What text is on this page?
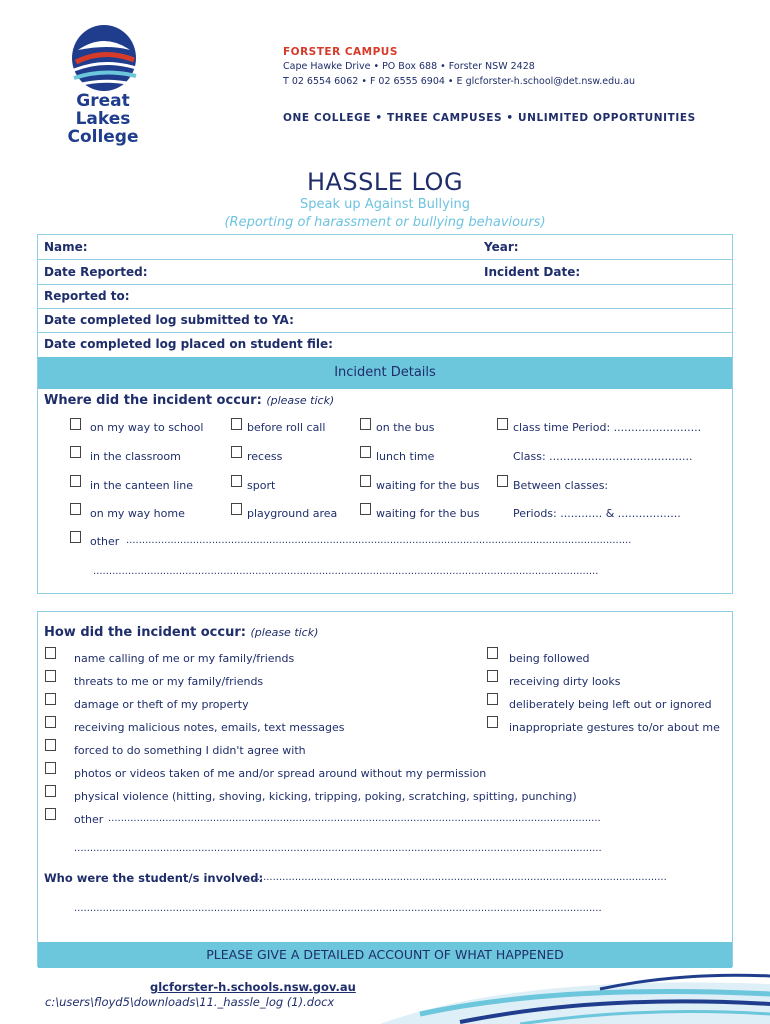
Great Lakes
College
FORSTER CAMPUS
Cape Hawke Drive • PO Box 688 • Forster NSW 2428
T 02 6554 6062 • F 02 6555 6904 • E glcforster-h.school@det.nsw.edu.au
ONE COLLEGE • THREE CAMPUSES • UNLIMITED OPPORTUNITIES
HASSLE LOG
Speak up Against Bullying
(Reporting of harassment or bullying behaviours)
Name:	Year:
Date Reported:	Incident Date:
Reported to:
Date completed log submitted to YA:
Date completed log placed on student file:
Incident Details
Where did the incident occur: (please tick)
on my way to school
in the classroom
in the canteen line
on my way home
other ...............................................................................................................................................................
...............................................................................................................................................................
before roll call
recess
sport
playground area
on the bus
lunch time
waiting for the bus
waiting for the bus
class time Period: .........................
Class: .........................................
Between classes:
Periods: ............ & ..................
How did the incident occur: (please tick)
name calling of me or my family/friends
threats to me or my family/friends
damage or theft of my property
receiving malicious notes, emails, text messages
forced to do something I didn't agree with
photos or videos taken of me and/or spread around without my permission
physical violence (hitting, shoving, kicking, tripping, poking, scratching, spitting, punching)
other ...........................................................................................................................................................
......................................................................................................................................................................
being followed
receiving dirty looks
deliberately being left out or ignored
inappropriate gestures to/or about me
Who were the student/s involved:
.....................................................................................................................................
......................................................................................................................................................................
PLEASE GIVE A DETAILED ACCOUNT OF WHAT HAPPENED
glcforster-h.schools.nsw.gov.au
c:\users\floyd5\downloads\11._hassle_log (1).docx
